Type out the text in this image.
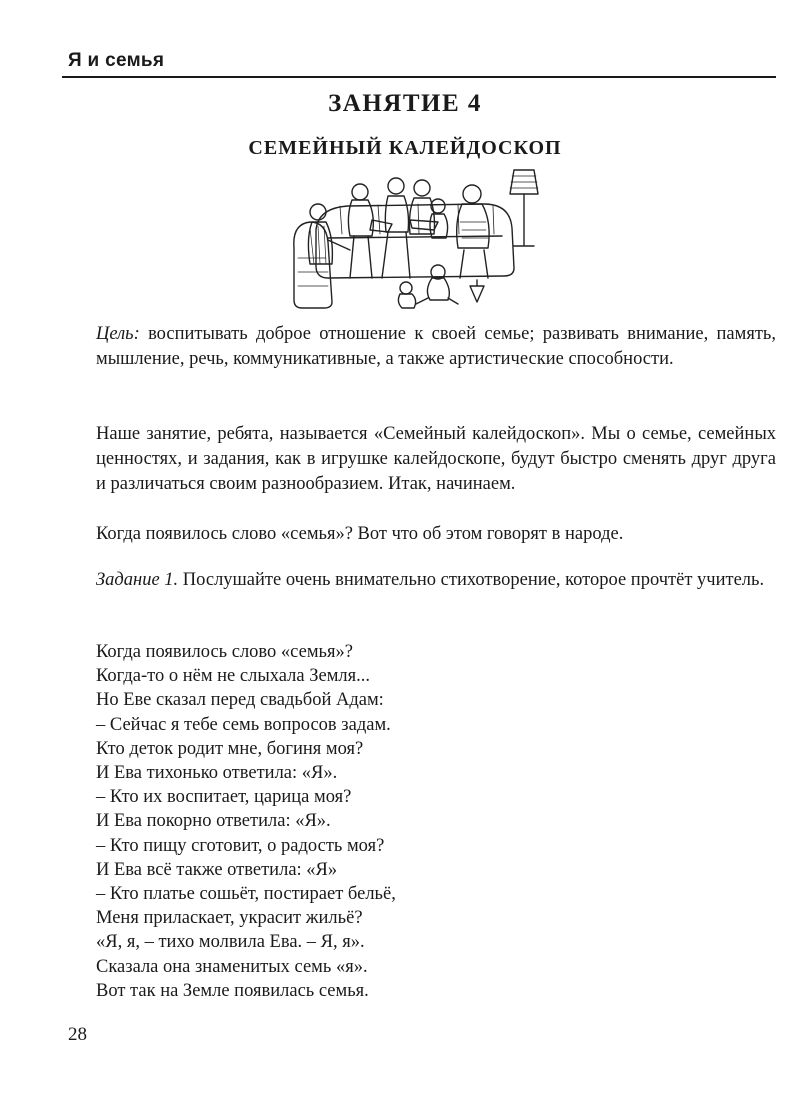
Я и семья
ЗАНЯТИЕ 4
СЕМЕЙНЫЙ КАЛЕЙДОСКОП

Цель: воспитывать доброе отношение к своей семье; развивать внимание, память, мышление, речь, коммуникативные, а также артистические способности.

Наше занятие, ребята, называется «Семейный калейдоскоп». Мы о семье, семейных ценностях, и задания, как в игрушке калейдоскопе, будут быстро сменять друг друга и различаться своим разнообразием. Итак, начинаем.

Когда появилось слово «семья»? Вот что об этом говорят в народе.

Задание 1. Послушайте очень внимательно стихотворение, которое прочтёт учитель.

Когда появилось слово «семья»?
Когда-то о нём не слыхала Земля...
Но Еве сказал перед свадьбой Адам:
– Сейчас я тебе семь вопросов задам.
Кто деток родит мне, богиня моя?
И Ева тихонько ответила: «Я».
– Кто их воспитает, царица моя?
И Ева покорно ответила: «Я».
– Кто пищу сготовит, о радость моя?
И Ева всё также ответила: «Я»
– Кто платье сошьёт, постирает бельё,
Меня приласкает, украсит жильё?
«Я, я, – тихо молвила Ева. – Я, я».
Сказала она знаменитых семь «я».
Вот так на Земле появилась семья.
28
